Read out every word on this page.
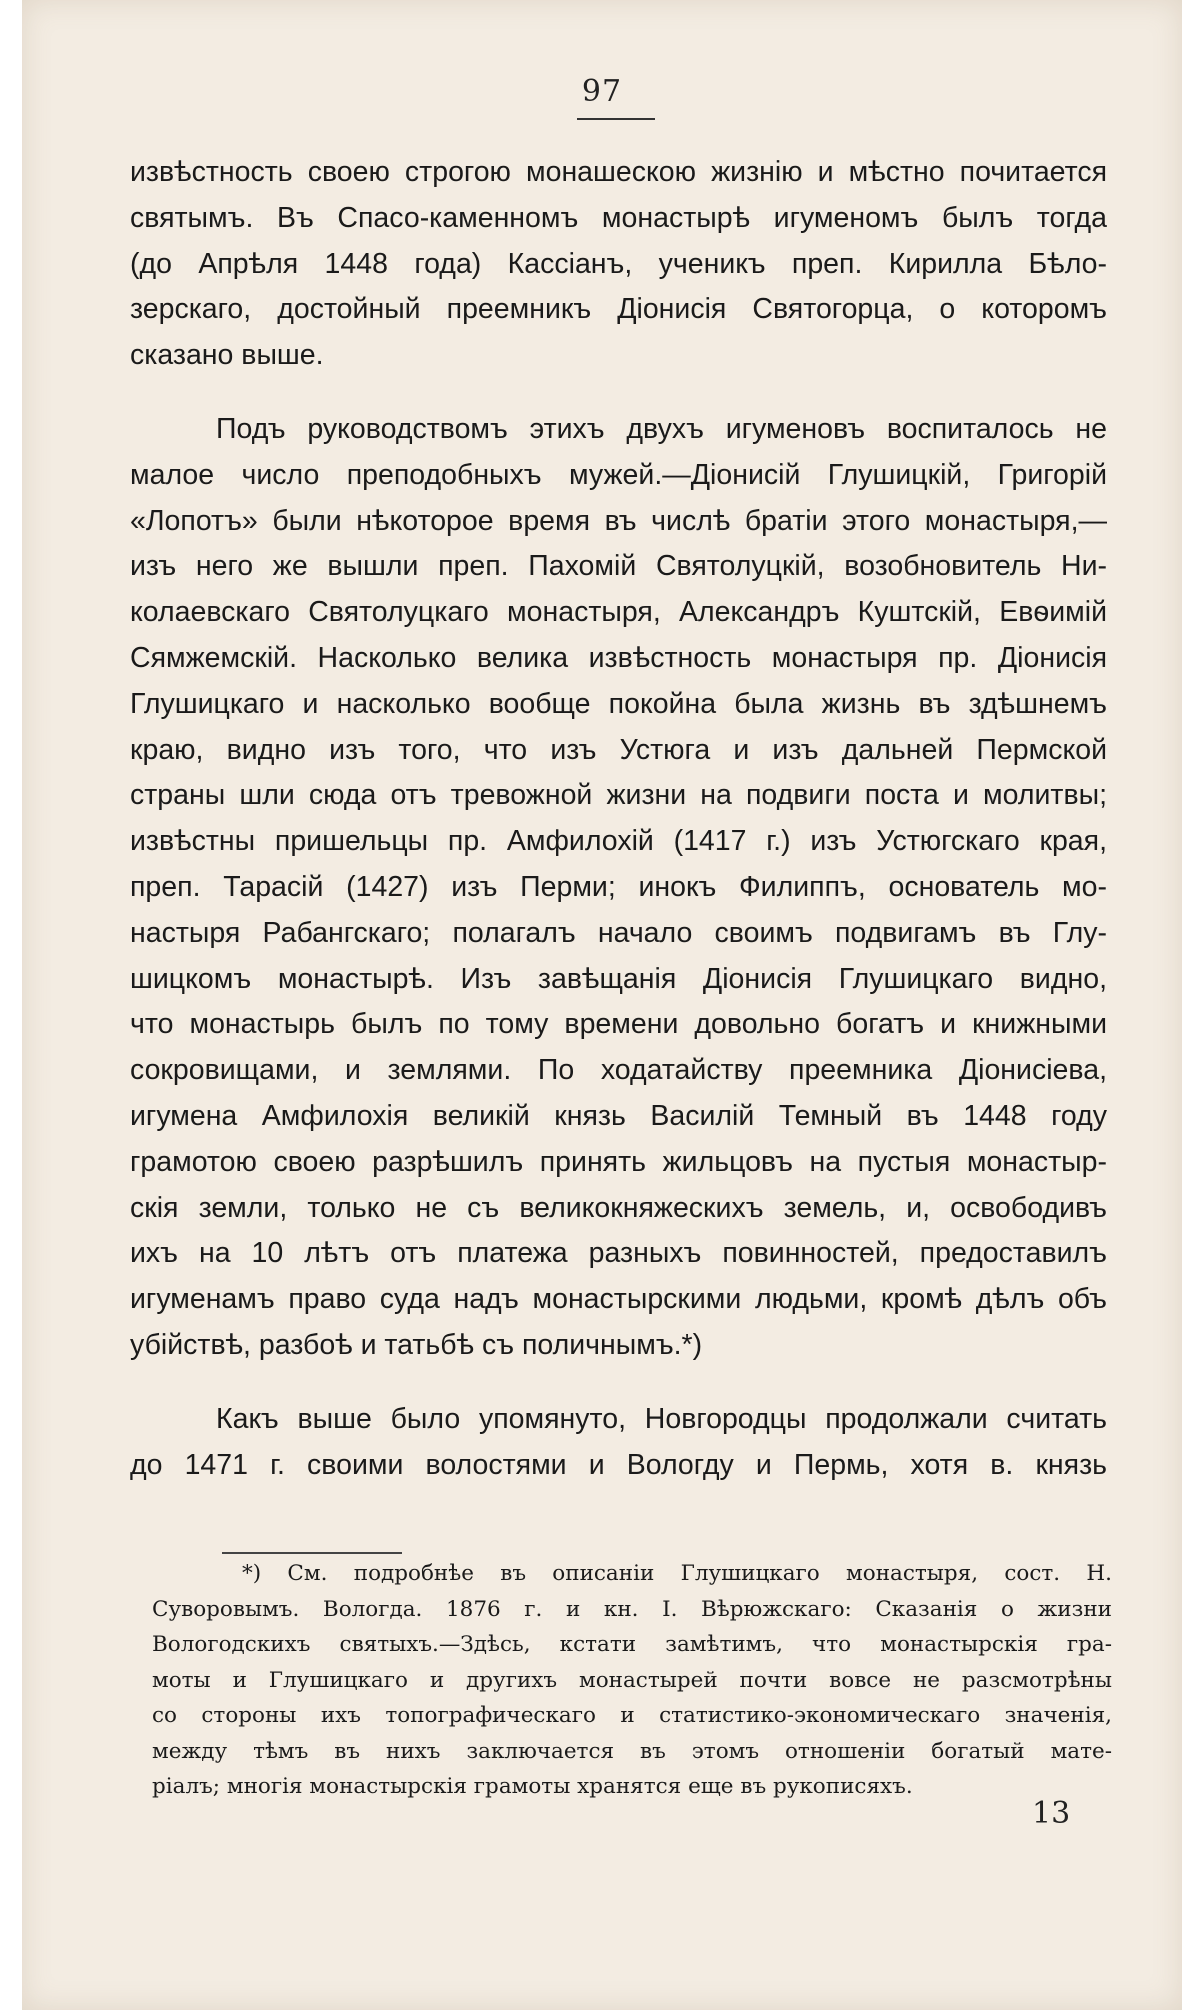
97

извѣстность своею строгою монашескою жизнію и мѣстно почитается

святымъ. Въ Спасо-каменномъ монастырѣ игуменомъ былъ тогда

(до Апрѣля 1448 года) Кассіанъ, ученикъ преп. Кирилла Бѣло-

зерскаго, достойный преемникъ Діонисія Святогорца, о которомъ

сказано выше.

Подъ руководствомъ этихъ двухъ игуменовъ воспиталось не

малое число преподобныхъ мужей.—Діонисій Глушицкій, Григорій

«Лопотъ» были нѣкоторое время въ числѣ братіи этого монастыря,—

изъ него же вышли преп. Пахомій Святолуцкій, возобновитель Ни-

колаевскаго Святолуцкаго монастыря, Александръ Куштскій, Евѳимій

Сямжемскій. Насколько велика извѣстность монастыря пр. Діонисія

Глушицкаго и насколько вообще покойна была жизнь въ здѣшнемъ

краю, видно изъ того, что изъ Устюга и изъ дальней Пермской

страны шли сюда отъ тревожной жизни на подвиги поста и молитвы;

извѣстны пришельцы пр. Амфилохій (1417 г.) изъ Устюгскаго края,

преп. Тарасій (1427) изъ Перми; инокъ Филиппъ, основатель мо-

настыря Рабангскаго; полагалъ начало своимъ подвигамъ въ Глу-

шицкомъ монастырѣ. Изъ завѣщанія Діонисія Глушицкаго видно,

что монастырь былъ по тому времени довольно богатъ и книжными

сокровищами, и землями. По ходатайству преемника Діонисіева,

игумена Амфилохія великій князь Василій Темный въ 1448 году

грамотою своею разрѣшилъ принять жильцовъ на пустыя монастыр-

скія земли, только не съ великокняжескихъ земель, и, освободивъ

ихъ на 10 лѣтъ отъ платежа разныхъ повинностей, предоставилъ

игуменамъ право суда надъ монастырскими людьми, кромѣ дѣлъ объ

убійствѣ, разбоѣ и татьбѣ съ поличнымъ.*)

Какъ выше было упомянуто, Новгородцы продолжали считать

до 1471 г. своими волостями и Вологду и Пермь, хотя в. князь

*) См. подробнѣе въ описаніи Глушицкаго монастыря, сост. Н.

Суворовымъ. Вологда. 1876 г. и кн. І. Вѣрюжскаго: Сказанія о жизни

Вологодскихъ святыхъ.—Здѣсь, кстати замѣтимъ, что монастырскія гра-

моты и Глушицкаго и другихъ монастырей почти вовсе не разсмотрѣны

со стороны ихъ топографическаго и статистико-экономическаго значенія,

между тѣмъ въ нихъ заключается въ этомъ отношеніи богатый мате-

ріалъ; многія монастырскія грамоты хранятся еще въ рукописяхъ.

13
